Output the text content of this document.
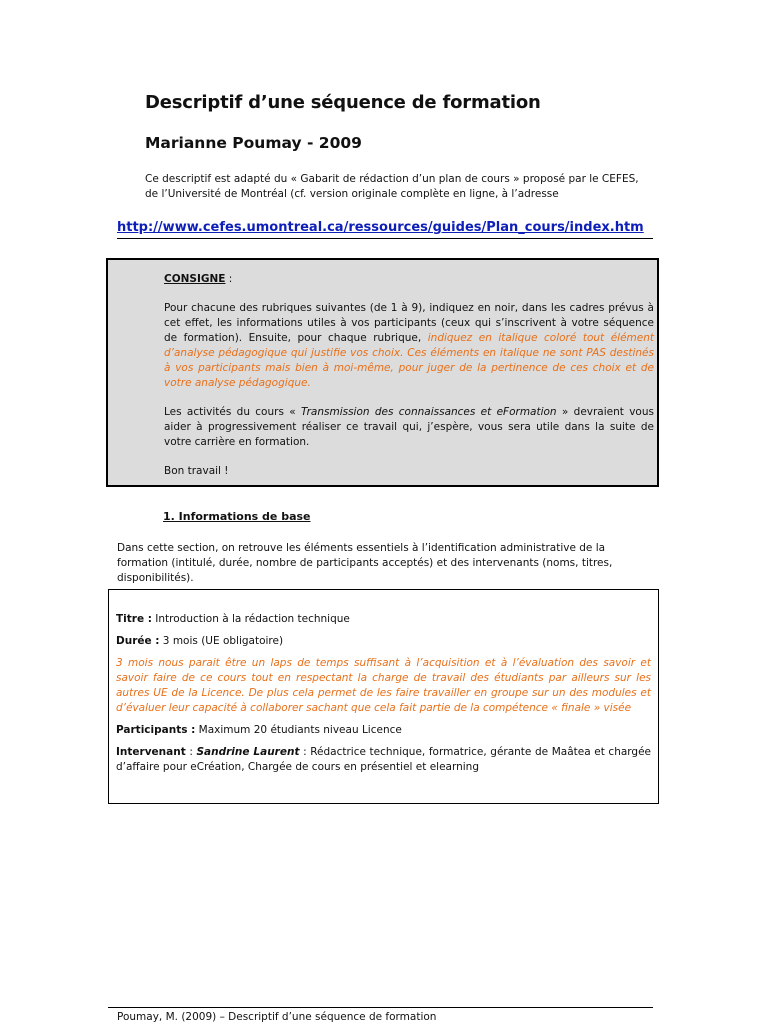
Descriptif d’une séquence de formation
Marianne Poumay - 2009
Ce descriptif est adapté du « Gabarit de rédaction d’un plan de cours » proposé par le CEFES, de l’Université de Montréal (cf. version originale complète en ligne, à l’adresse
http://www.cefes.umontreal.ca/ressources/guides/Plan_cours/index.htm

CONSIGNE :

Pour chacune des rubriques suivantes (de 1 à 9), indiquez en noir, dans les cadres prévus à cet effet, les informations utiles à vos participants (ceux qui s’inscrivent à votre séquence de formation). Ensuite, pour chaque rubrique, indiquez en italique coloré tout élément d’analyse pédagogique qui justifie vos choix. Ces éléments en italique ne sont PAS destinés à vos participants mais bien à moi-même, pour juger de la pertinence de ces choix et de votre analyse pédagogique.

Les activités du cours « Transmission des connaissances et eFormation » devraient vous aider à progressivement réaliser ce travail qui, j’espère, vous sera utile dans la suite de votre carrière en formation.

Bon travail !

1. Informations de base
Dans cette section, on retrouve les éléments essentiels à l’identification administrative de la formation (intitulé, durée, nombre de participants acceptés) et des intervenants (noms, titres, disponibilités).

Titre : Introduction à la rédaction technique

Durée : 3 mois (UE obligatoire)

3 mois nous parait être un laps de temps suffisant à l’acquisition et à l’évaluation des savoir et savoir faire de ce cours tout en respectant la charge de travail des étudiants par ailleurs sur les autres UE de la Licence. De plus cela permet de les faire travailler en groupe sur un des modules et d’évaluer leur capacité à collaborer sachant que cela fait partie de la compétence « finale » visée

Participants : Maximum 20 étudiants niveau Licence

Intervenant : Sandrine Laurent : Rédactrice technique, formatrice, gérante de Maâtea et chargée d’affaire pour eCréation, Chargée de cours en présentiel et elearning

Poumay, M. (2009) – Descriptif d’une séquence de formation
